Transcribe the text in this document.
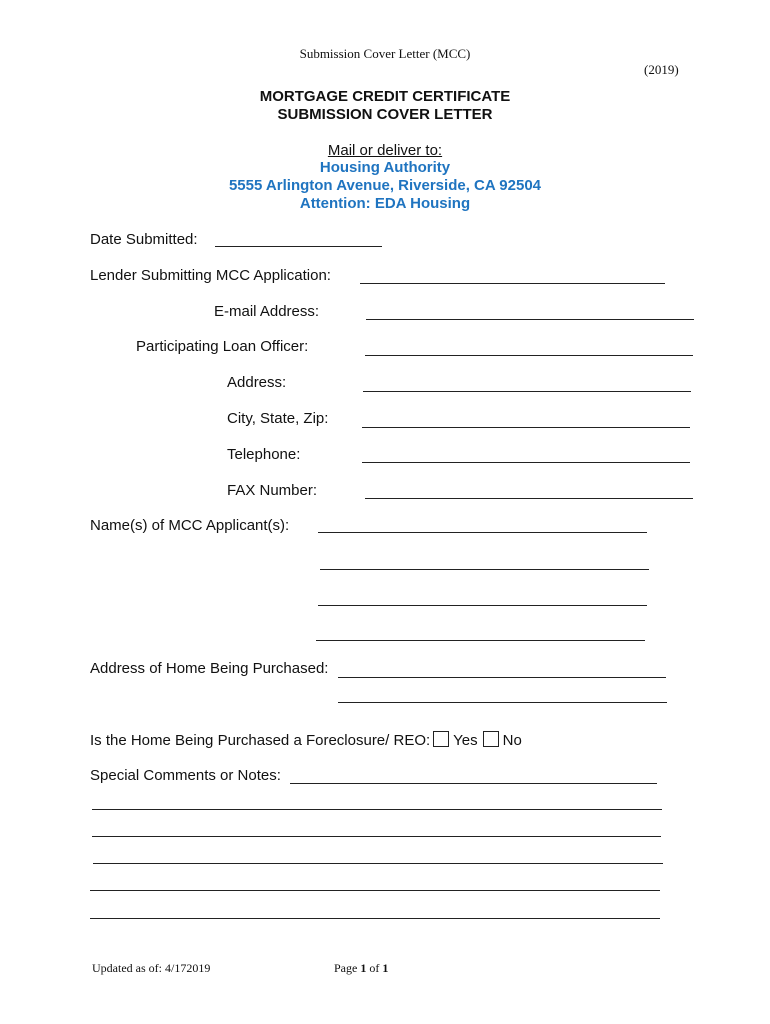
Submission Cover Letter (MCC)
(2019)
MORTGAGE CREDIT CERTIFICATE
SUBMISSION COVER LETTER
Mail or deliver to:
Housing Authority
5555 Arlington Avenue, Riverside, CA 92504
Attention: EDA Housing
Date Submitted:
Lender Submitting MCC Application:
E-mail Address:
Participating Loan Officer:
Address:
City, State, Zip:
Telephone:
FAX Number:
Name(s) of MCC Applicant(s):
Address of Home Being Purchased:
Is the Home Being Purchased a Foreclosure/ REO: Yes No
Special Comments or Notes:
Updated as of: 4/172019	Page 1 of 1
